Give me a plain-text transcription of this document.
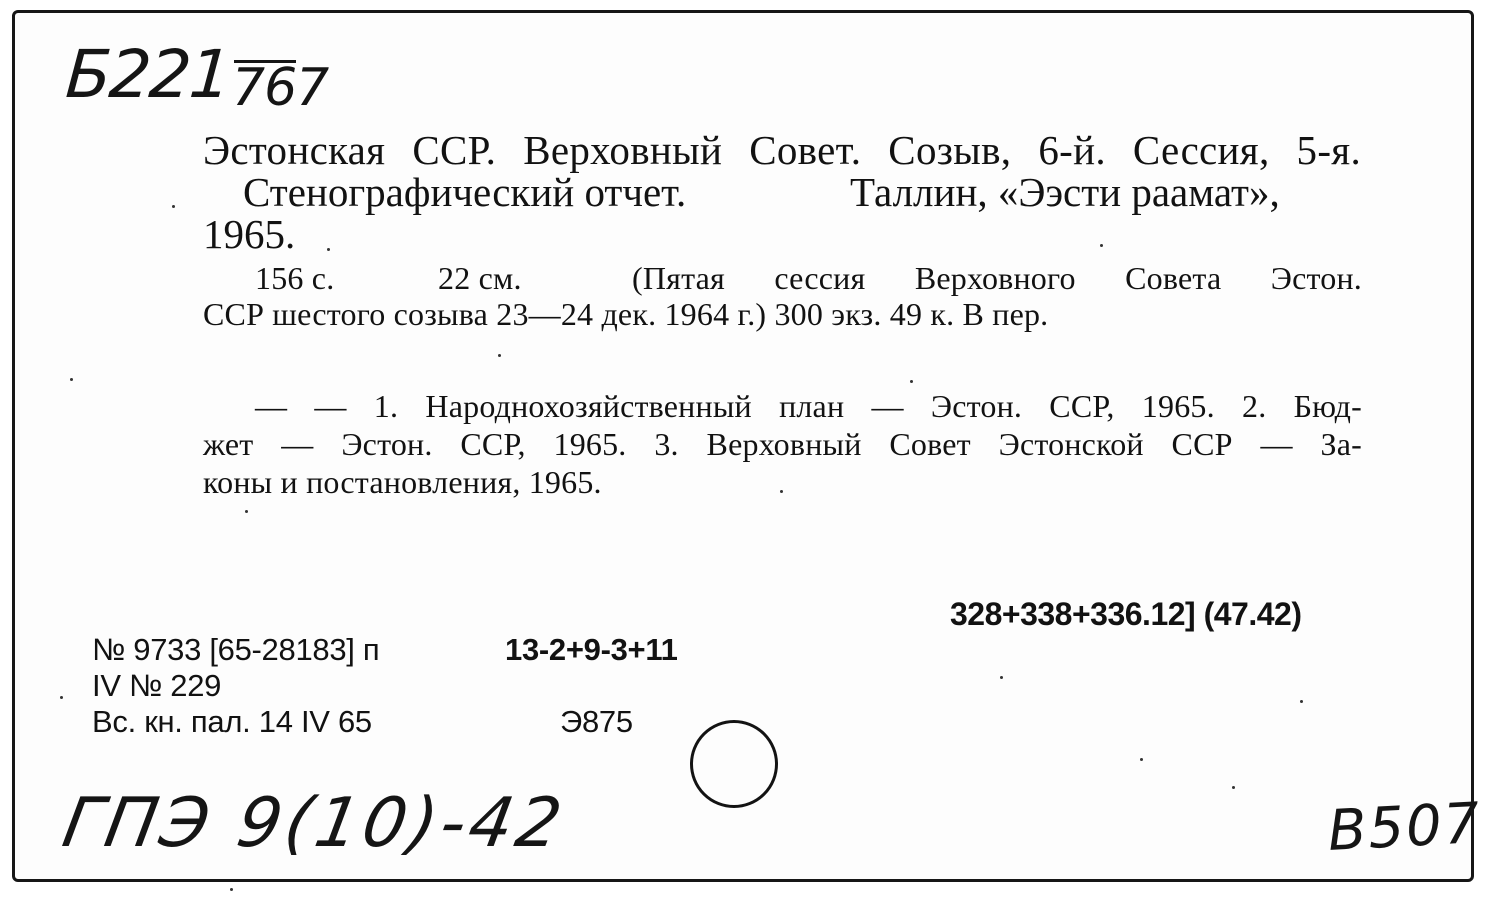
Б221 767
Эстонская ССР. Верховный Совет. Созыв, 6-й. Сессия, 5-я.
Стенографический отчет.	Таллин, «Ээсти раамат»,
1965.
156 с.	22 см.	(Пятая сессия Верховного Совета Эстон.
ССР шестого созыва 23—24 дек. 1964 г.) 300 экз. 49 к. В пер.
— — 1. Народнохозяйственный план — Эстон. ССР, 1965. 2. Бюд-
жет — Эстон. ССР, 1965. 3. Верховный Совет Эстонской ССР — За-
коны и постановления, 1965.
328+338+336.12] (47.42)
№ 9733 [65-28183] п	13-2+9-3+11
IV № 229
Вс. кн. пал. 14 IV 65	Э875
ГПЭ 9(10)-42	В507
